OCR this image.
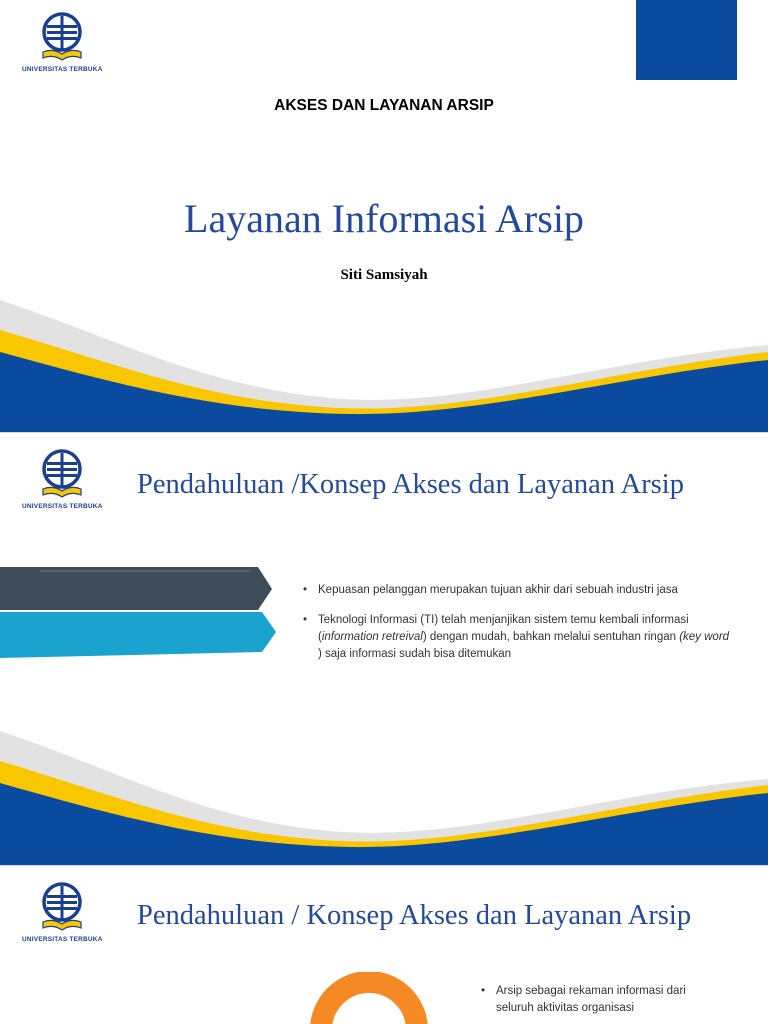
UNIVERSITAS TERBUKA
AKSES DAN LAYANAN ARSIP
Layanan Informasi Arsip
Siti Samsiyah
UNIVERSITAS TERBUKA
Pendahuluan /Konsep Akses dan Layanan Arsip
• Kepuasan pelanggan merupakan tujuan akhir dari sebuah industri jasa
• Teknologi Informasi (TI) telah menjanjikan sistem temu kembali informasi (information retreival) dengan mudah, bahkan melalui sentuhan ringan (key word ) saja informasi sudah bisa ditemukan
UNIVERSITAS TERBUKA
Pendahuluan / Konsep Akses dan Layanan Arsip
• Arsip sebagai rekaman informasi dari seluruh aktivitas organisasi
